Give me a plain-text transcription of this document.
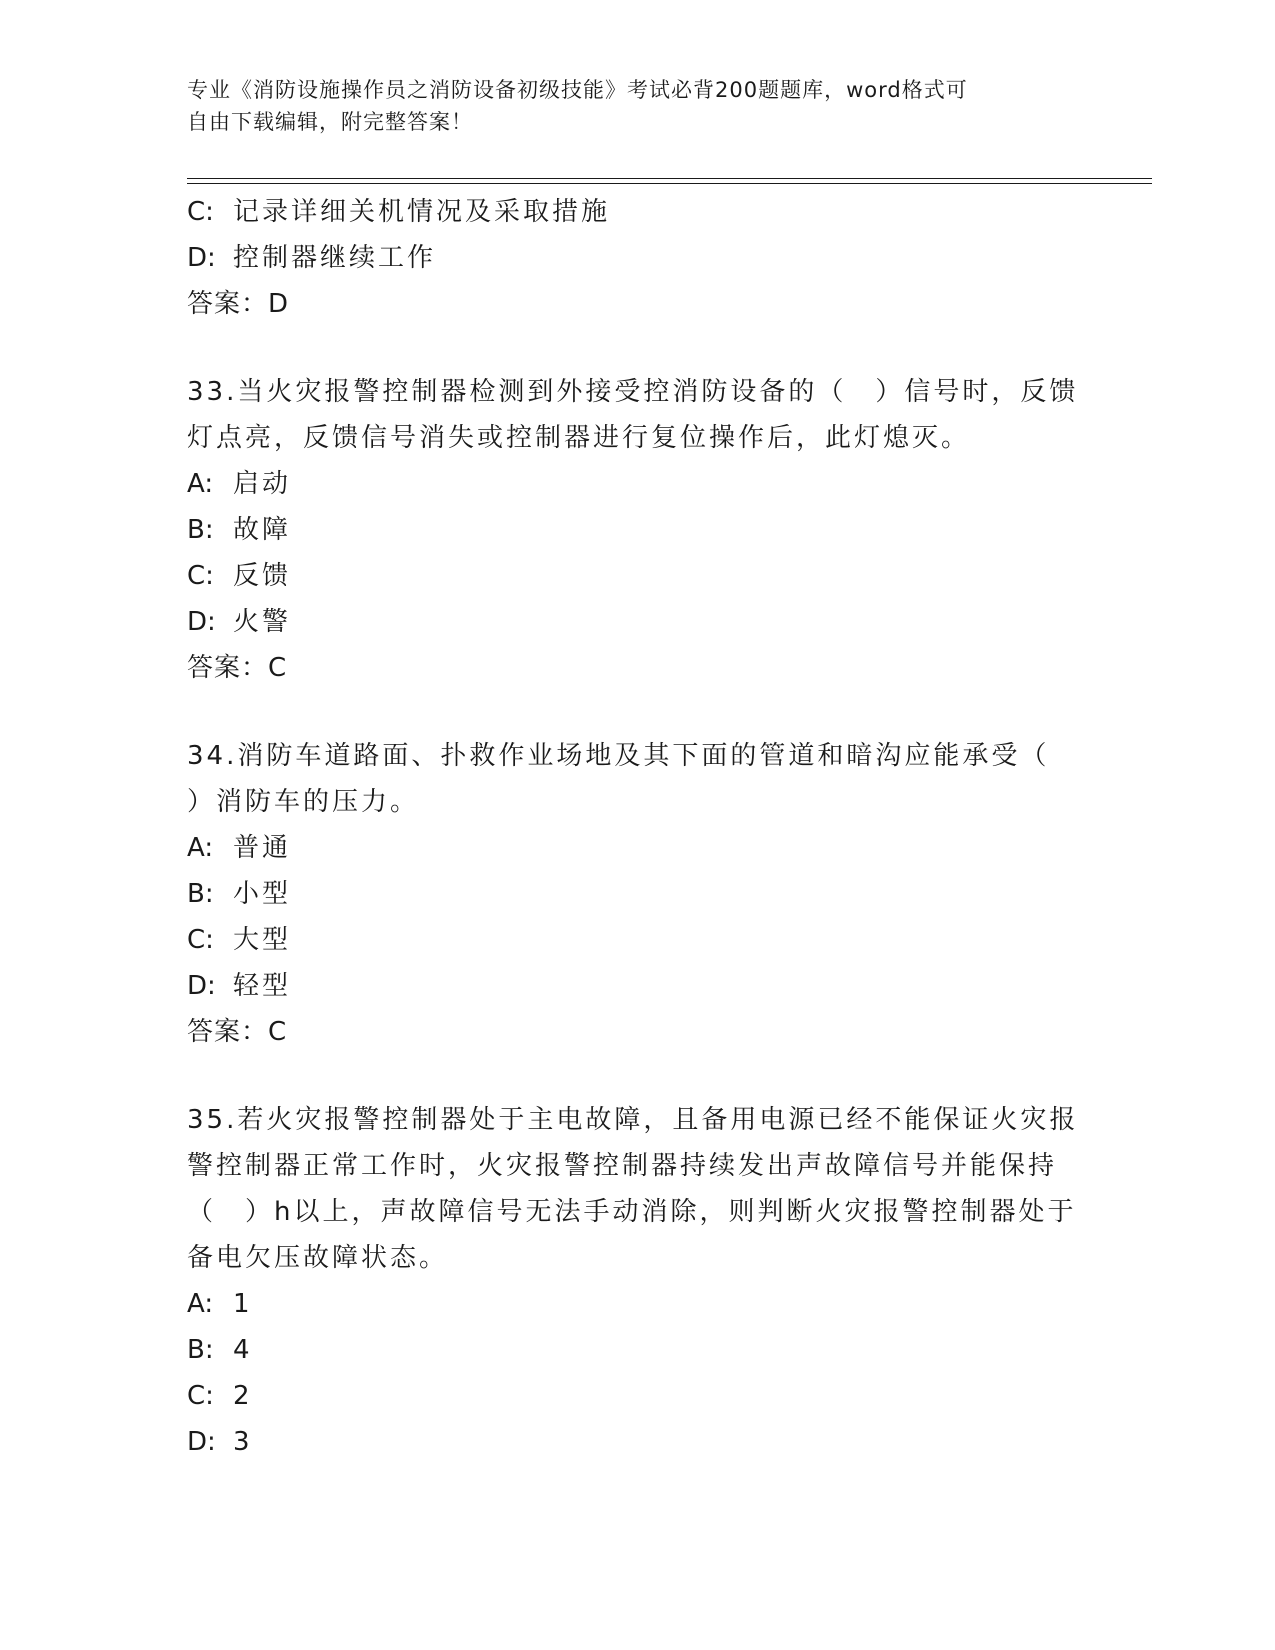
专业《消防设施操作员之消防设备初级技能》考试必背200题题库，word格式可
自由下载编辑，附完整答案！
C: 记录详细关机情况及采取措施
D: 控制器继续工作
答案：D
33.当火灾报警控制器检测到外接受控消防设备的（　）信号时，反馈
灯点亮，反馈信号消失或控制器进行复位操作后，此灯熄灭。
A: 启动
B: 故障
C: 反馈
D: 火警
答案：C
34.消防车道路面、扑救作业场地及其下面的管道和暗沟应能承受（
）消防车的压力。
A: 普通
B: 小型
C: 大型
D: 轻型
答案：C
35.若火灾报警控制器处于主电故障，且备用电源已经不能保证火灾报
警控制器正常工作时，火灾报警控制器持续发出声故障信号并能保持
（　）h以上，声故障信号无法手动消除，则判断火灾报警控制器处于
备电欠压故障状态。
A: 1
B: 4
C: 2
D: 3
